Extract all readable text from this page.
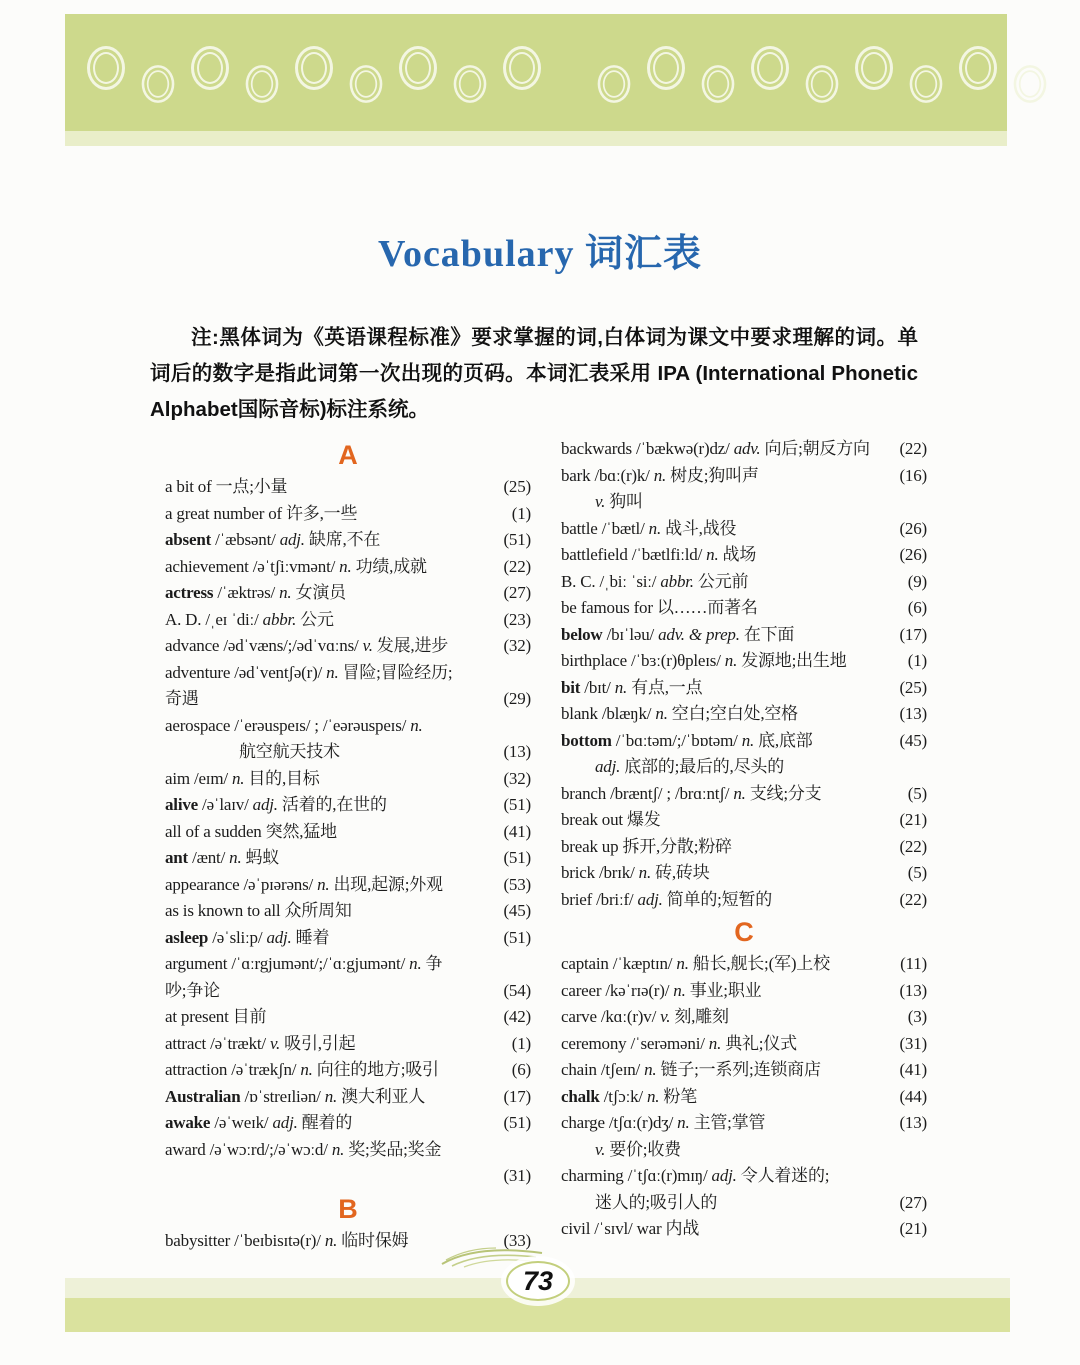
Vocabulary 词汇表
注:黑体词为《英语课程标准》要求掌握的词,白体词为课文中要求理解的词。单词后的数字是指此词第一次出现的页码。本词汇表采用 IPA (International Phonetic Alphabet国际音标)标注系统。
A
a bit of 一点;小量	(25)
a great number of 许多,一些	(1)
absent /ˈæbsənt/ adj. 缺席,不在	(51)
achievement /əˈtʃiːvmənt/ n. 功绩,成就	(22)
actress /ˈæktrəs/ n. 女演员	(27)
A. D. /ˌeɪ ˈdiː/ abbr. 公元	(23)
advance /ədˈvæns/;/ədˈvɑːns/ v. 发展,进步	(32)
adventure /ədˈventʃə(r)/ n. 冒险;冒险经历;
奇遇	(29)
aerospace /ˈerəuspeɪs/ ; /ˈeərəuspeɪs/ n.
航空航天技术	(13)
aim /eɪm/ n. 目的,目标	(32)
alive /əˈlaɪv/ adj. 活着的,在世的	(51)
all of a sudden 突然,猛地	(41)
ant /ænt/ n. 蚂蚁	(51)
appearance /əˈpɪərəns/ n. 出现,起源;外观	(53)
as is known to all 众所周知	(45)
asleep /əˈsliːp/ adj. 睡着	(51)
argument /ˈɑːrgjumənt/;/ˈɑːgjumənt/ n. 争
吵;争论	(54)
at present 目前	(42)
attract /əˈtrækt/ v. 吸引,引起	(1)
attraction /əˈtrækʃn/ n. 向往的地方;吸引	(6)
Australian /ɒˈstreɪliən/ n. 澳大利亚人	(17)
awake /əˈweɪk/ adj. 醒着的	(51)
award /əˈwɔːrd/;/əˈwɔːd/ n. 奖;奖品;奖金
(31)
B
babysitter /ˈbeɪbisɪtə(r)/ n. 临时保姆	(33)
backwards /ˈbækwə(r)dz/ adv. 向后;朝反方向	(22)
bark /bɑː(r)k/ n. 树皮;狗叫声	(16)
v. 狗叫
battle /ˈbætl/ n. 战斗,战役	(26)
battlefield /ˈbætlfiːld/ n. 战场	(26)
B. C. /ˌbiː ˈsiː/ abbr. 公元前	(9)
be famous for 以……而著名	(6)
below /bɪˈləu/ adv. & prep. 在下面	(17)
birthplace /ˈbɜː(r)θpleɪs/ n. 发源地;出生地	(1)
bit /bɪt/ n. 有点,一点	(25)
blank /blæŋk/ n. 空白;空白处,空格	(13)
bottom /ˈbɑːtəm/;/ˈbɒtəm/ n. 底,底部	(45)
adj. 底部的;最后的,尽头的
branch /bræntʃ/ ; /brɑːntʃ/ n. 支线;分支	(5)
break out 爆发	(21)
break up 拆开,分散;粉碎	(22)
brick /brɪk/ n. 砖,砖块	(5)
brief /briːf/ adj. 简单的;短暂的	(22)
C
captain /ˈkæptɪn/ n. 船长,舰长;(军)上校	(11)
career /kəˈrɪə(r)/ n. 事业;职业	(13)
carve /kɑː(r)v/ v. 刻,雕刻	(3)
ceremony /ˈserəməni/ n. 典礼;仪式	(31)
chain /tʃeɪn/ n. 链子;一系列;连锁商店	(41)
chalk /tʃɔːk/ n. 粉笔	(44)
charge /tʃɑː(r)dʒ/ n. 主管;掌管	(13)
v. 要价;收费
charming /ˈtʃɑː(r)mɪŋ/ adj. 令人着迷的;
迷人的;吸引人的	(27)
civil /ˈsɪvl/ war 内战	(21)
73
